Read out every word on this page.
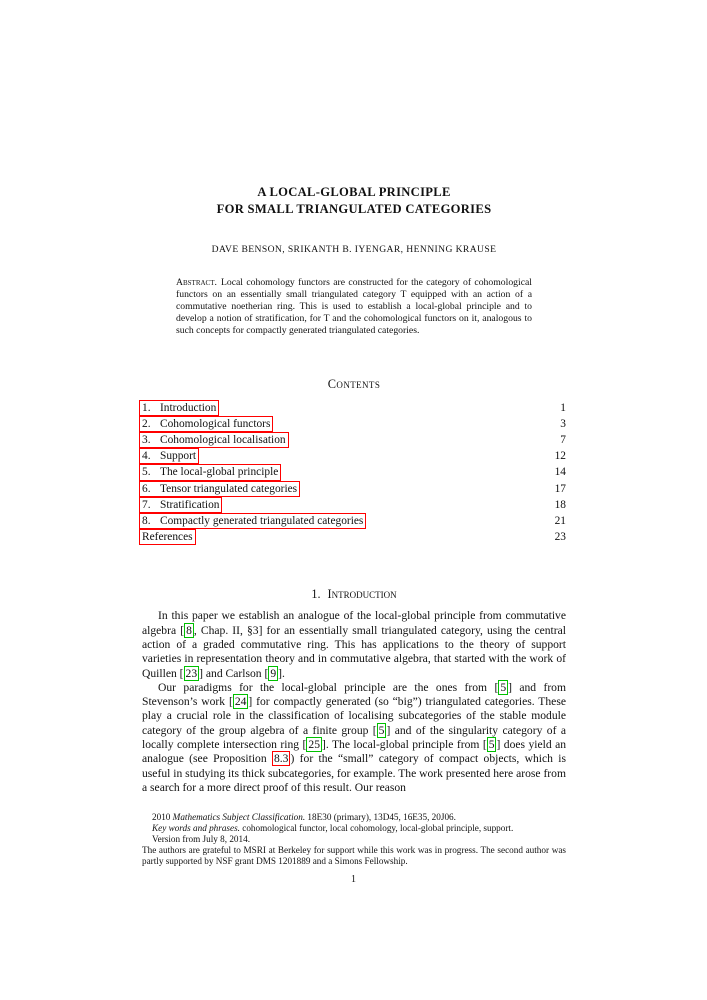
A LOCAL-GLOBAL PRINCIPLE
FOR SMALL TRIANGULATED CATEGORIES
DAVE BENSON, SRIKANTH B. IYENGAR, HENNING KRAUSE
Abstract. Local cohomology functors are constructed for the category of cohomological functors on an essentially small triangulated category T equipped with an action of a commutative noetherian ring. This is used to establish a local-global principle and to develop a notion of stratification, for T and the cohomological functors on it, analogous to such concepts for compactly generated triangulated categories.
Contents
1. Introduction	1
2. Cohomological functors	3
3. Cohomological localisation	7
4. Support	12
5. The local-global principle	14
6. Tensor triangulated categories	17
7. Stratification	18
8. Compactly generated triangulated categories	21
References	23
1. Introduction

In this paper we establish an analogue of the local-global principle from commutative algebra [ 8 , Chap. II, §3] for an essentially small triangulated category, using the central action of a graded commutative ring. This has applications to the theory of support varieties in representation theory and in commutative algebra, that started with the work of Quillen [ 23 ] and Carlson [ 9 ].

Our paradigms for the local-global principle are the ones from [ 5 ] and from Stevenson’s work [ 24 ] for compactly generated (so “big”) triangulated categories. These play a crucial role in the classification of localising subcategories of the stable module category of the group algebra of a finite group [ 5 ] and of the singularity category of a locally complete intersection ring [ 25 ]. The local-global principle from [ 5 ] does yield an analogue (see Proposition 8.3 ) for the “small” category of compact objects, which is useful in studying its thick subcategories, for example. The work presented here arose from a search for a more direct proof of this result. Our reason

2010 Mathematics Subject Classification. 18E30 (primary), 13D45, 16E35, 20J06.

Key words and phrases. cohomological functor, local cohomology, local-global principle, support.

Version from July 8, 2014.

The authors are grateful to MSRI at Berkeley for support while this work was in progress. The second author was partly supported by NSF grant DMS 1201889 and a Simons Fellowship.

1
